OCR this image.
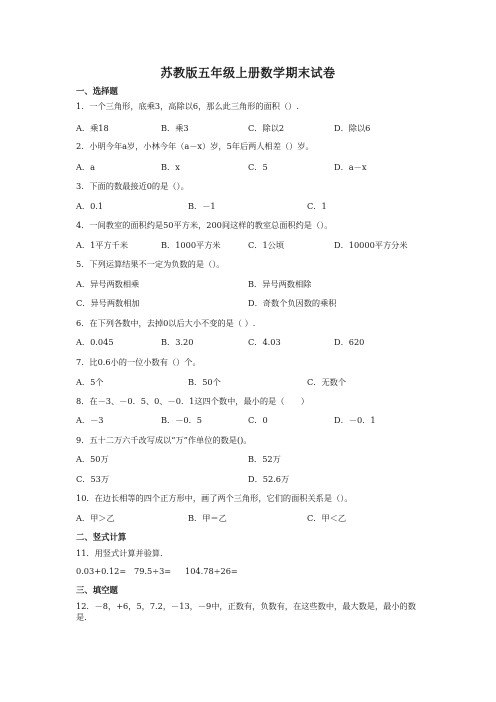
苏教版五年级上册数学期末试卷
一、选择题
1．一个三角形，底乘3，高除以6，那么此三角形的面积（）.
A．乘18	B．乘3	C．除以2	D．除以6
2．小明今年a岁，小林今年（a－x）岁，5年后两人相差（）岁。
A．a	B．x	C．5	D．a－x
3．下面的数最接近0的是（）。
A．0.1	B．－1	C．1
4．一间教室的面积约是50平方米，200间这样的教室总面积约是（）。
A．1平方千米	B．1000平方米	C．1公顷	D．10000平方分米
5．下列运算结果不一定为负数的是（）。
A．异号两数相乘	B．异号两数相除
C．异号两数相加	D．奇数个负因数的乘积
6．在下列各数中，去掉0以后大小不变的是（ ）.
A．0.045	B．3.20	C．4.03	D．620
7．比0.6小的一位小数有（）个。
A．5个	B．50个	C．无数个
8．在－3、－0．5、0、－0．1这四个数中，最小的是（　　）
A．－3	B．－0．5	C．0	D．－0．1
9．五十二万六千改写成以“万”作单位的数是()。
A．50万	B．52万
C．53万	D．52.6万
10．在边长相等的四个正方形中，画了两个三角形，它们的面积关系是（）。
A．甲＞乙	B．甲＝乙	C．甲＜乙
二、竖式计算
11．用竖式计算并验算．
0.03+0.12= 79.5÷3= 104.78÷26=
三、填空题
12．－8，+6，5，7.2，－13，－9中，正数有，负数有，在这些数中，最大数是，最小的数是．
